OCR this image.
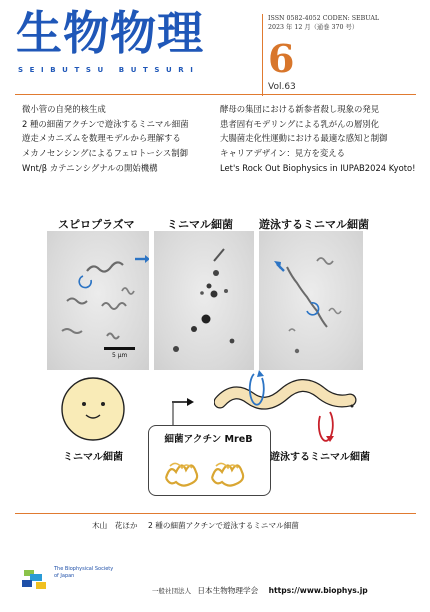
生物物理
SEIBUTSU BUTSURI
ISSN 0582-4052 CODEN: SEBUAL
2023 年 12 月（通巻 370 号）
6
Vol.63
微小管の自発的核生成
2 種の細菌アクチンで遊泳するミニマル細菌
遊走メカニズムを数理モデルから理解する
メカノセンシングによるフェロトーシス制御
Wnt/β カテニンシグナルの開始機構
酵母の集団における新参者殺し現象の発見
患者固有モデリングによる乳がんの層別化
大腸菌走化性運動における最適な感知と制御
キャリアデザイン：見方を変える
Let's Rock Out Biophysics in IUPAB2024 Kyoto!
スピロプラズマ	ミニマル細菌 遊泳するミニマル細菌
5 μm
ミニマル細菌
細菌アクチン MreB
遊泳するミニマル細菌
木山　花ほか 2 種の細菌アクチンで遊泳するミニマル細菌
The Biophysical Society
of Japan
一般社団法人 日本生物物理学会 https://www.biophys.jp
